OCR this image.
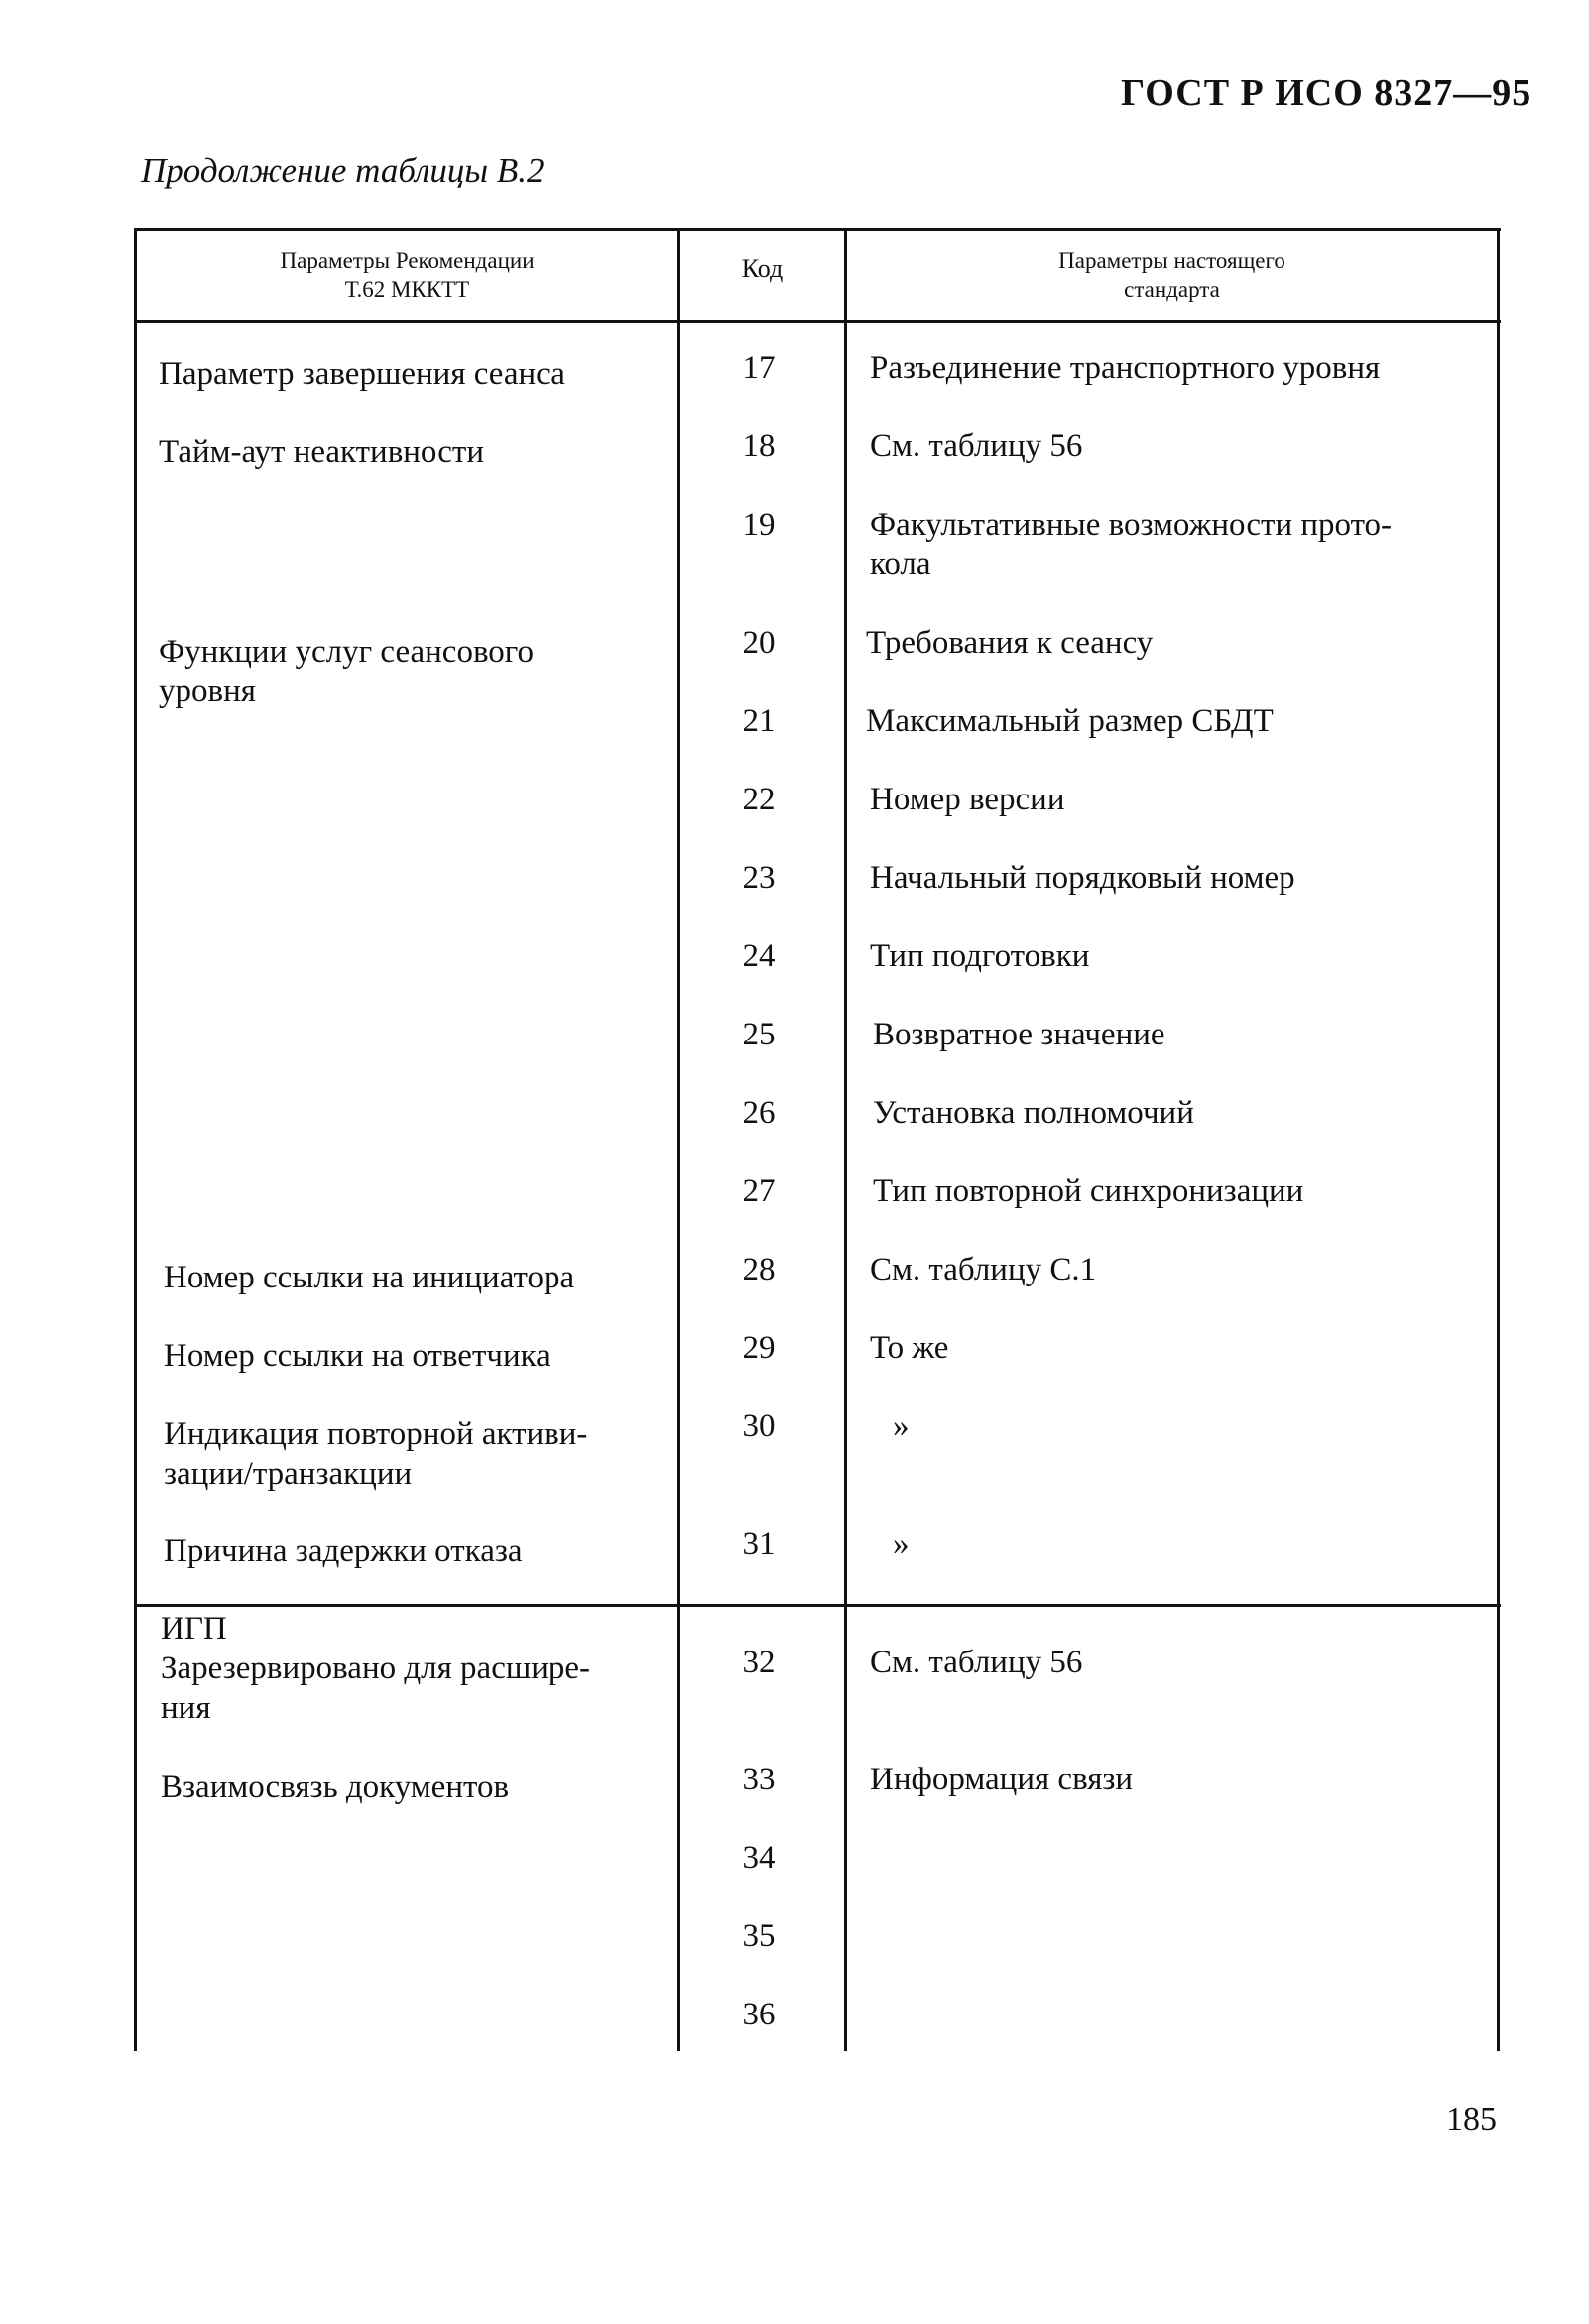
ГОСТ Р ИСО 8327—95
Продолжение таблицы В.2
Параметры Рекомендации
Т.62 МККТТ
Код	Параметры настоящего
стандарта
Параметр завершения сеанса
Тайм-аут неактивности
Функции услуг сеансового
уровня
Номер ссылки на инициатора
Номер ссылки на ответчика
Индикация повторной активи-
зации/транзакции
Причина задержки отказа
ИГП
Зарезервировано для расшире-
ния
Взаимосвязь документов
17
18
19
20
21
22
23
24
25
26
27
28
29
30
31
32
33
34
35
36
Разъединение транспортного уровня
См. таблицу 56
Факультативные возможности прото-
кола
Требования к сеансу
Максимальный размер СБДТ
Номер версии
Начальный порядковый номер
Тип подготовки
Возвратное значение
Установка полномочий
Тип повторной синхронизации
См. таблицу С.1
То же
»
»
См. таблицу 56
Информация связи
185
